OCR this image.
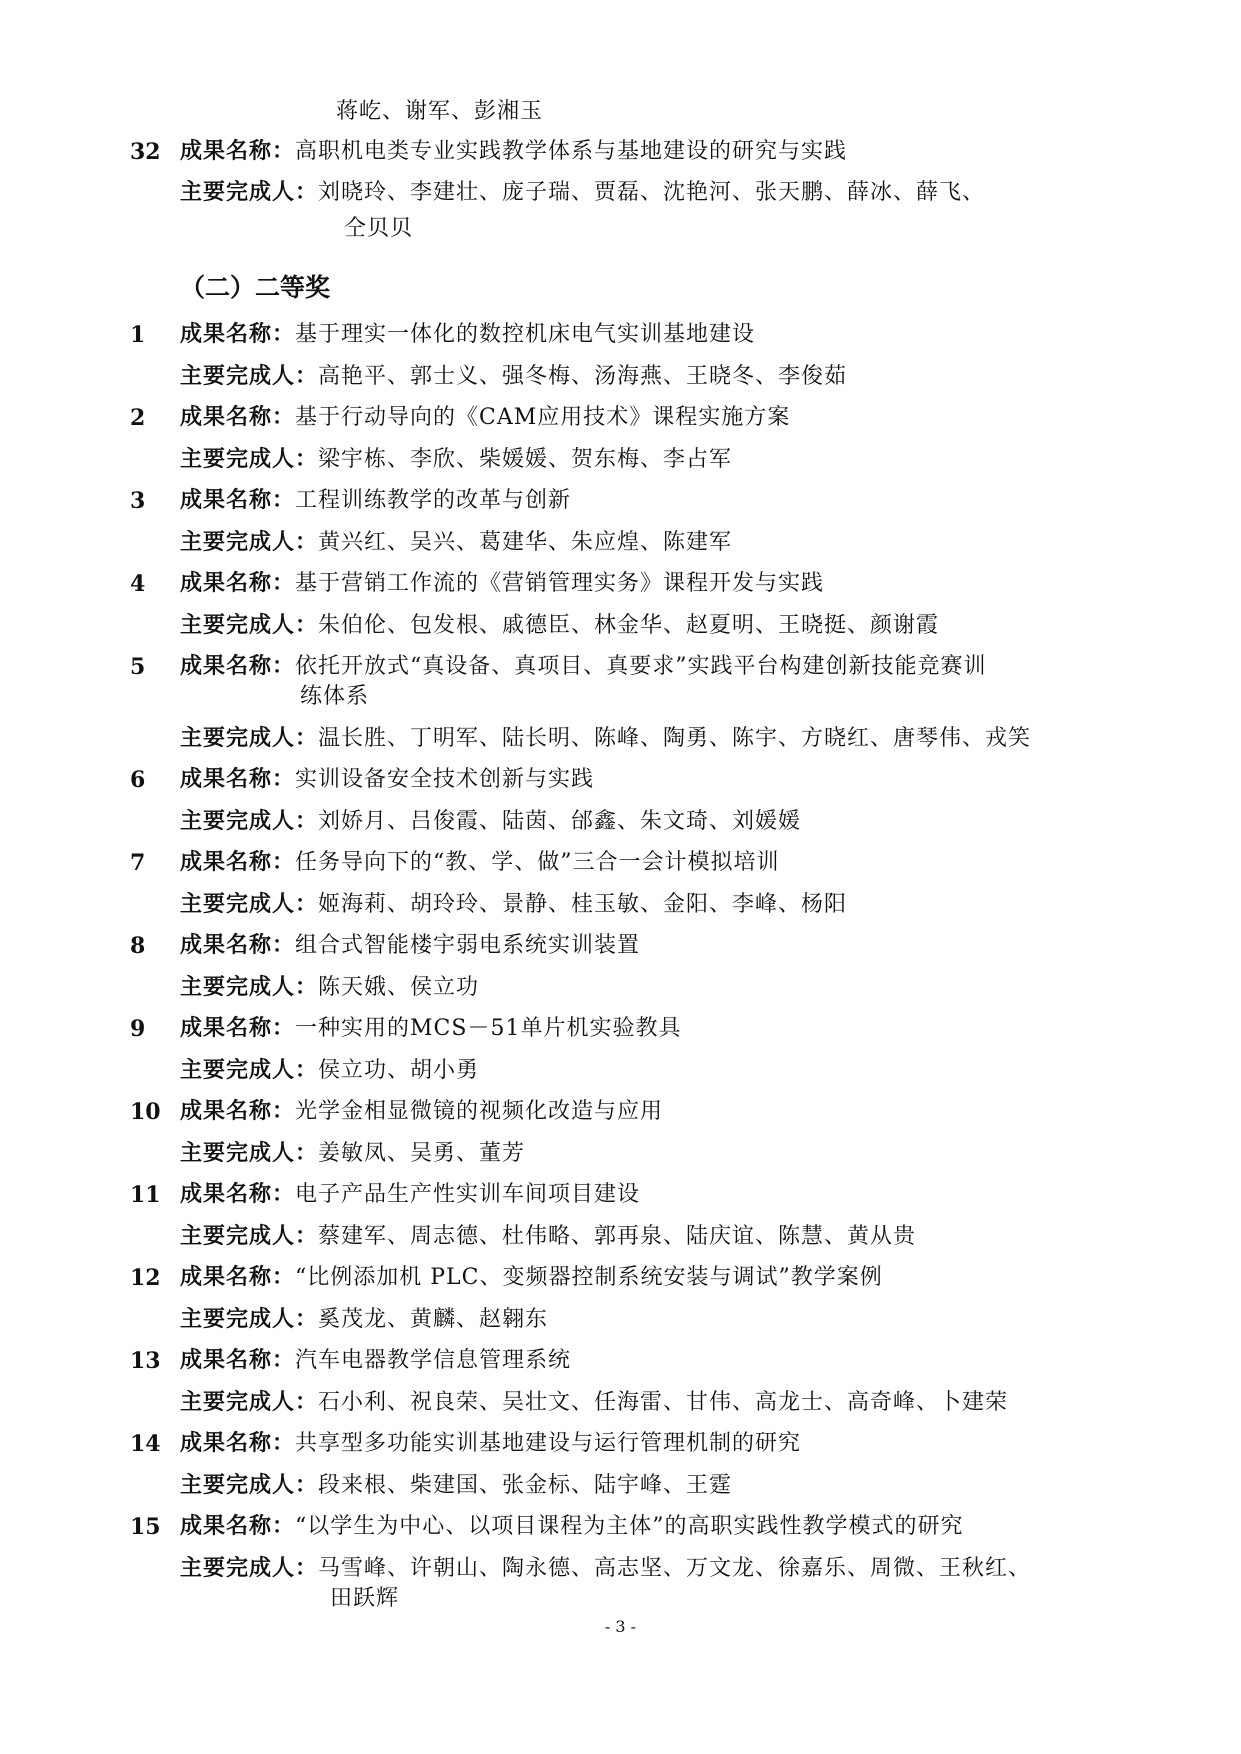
蒋屹、谢军、彭湘玉
32 成果名称：高职机电类专业实践教学体系与基地建设的研究与实践
主要完成人：刘晓玲、李建壮、庞子瑞、贾磊、沈艳河、张天鹏、薛冰、薛飞、
仝贝贝
（二）二等奖
1	成果名称：基于理实一体化的数控机床电气实训基地建设
主要完成人：高艳平、郭士义、强冬梅、汤海燕、王晓冬、李俊茹
2	成果名称：基于行动导向的《CAM应用技术》课程实施方案
主要完成人：梁宇栋、李欣、柴媛媛、贺东梅、李占军
3	成果名称：工程训练教学的改革与创新
主要完成人：黄兴红、吴兴、葛建华、朱应煌、陈建军
4	成果名称：基于营销工作流的《营销管理实务》课程开发与实践
主要完成人：朱伯伦、包发根、戚德臣、林金华、赵夏明、王晓挺、颜谢霞
5	成果名称：依托开放式“真设备、真项目、真要求”实践平台构建创新技能竞赛训
练体系
主要完成人：温长胜、丁明军、陆长明、陈峰、陶勇、陈宇、方晓红、唐琴伟、戎笑
6	成果名称：实训设备安全技术创新与实践
主要完成人：刘娇月、吕俊霞、陆茵、邰鑫、朱文琦、刘媛媛
7	成果名称：任务导向下的“教、学、做”三合一会计模拟培训
主要完成人：姬海莉、胡玲玲、景静、桂玉敏、金阳、李峰、杨阳
8	成果名称：组合式智能楼宇弱电系统实训装置
主要完成人：陈天娥、侯立功
9	成果名称：一种实用的MCS－51单片机实验教具
主要完成人：侯立功、胡小勇
10 成果名称：光学金相显微镜的视频化改造与应用
主要完成人：姜敏凤、吴勇、董芳
11 成果名称：电子产品生产性实训车间项目建设
主要完成人：蔡建军、周志德、杜伟略、郭再泉、陆庆谊、陈慧、黄从贵
12 成果名称：“比例添加机 PLC、变频器控制系统安装与调试”教学案例
主要完成人：奚茂龙、黄麟、赵翱东
13 成果名称：汽车电器教学信息管理系统
主要完成人：石小利、祝良荣、吴壮文、任海雷、甘伟、高龙士、高奇峰、卜建荣
14 成果名称：共享型多功能实训基地建设与运行管理机制的研究
主要完成人：段来根、柴建国、张金标、陆宇峰、王霆
15 成果名称：“以学生为中心、以项目课程为主体”的高职实践性教学模式的研究
主要完成人：马雪峰、许朝山、陶永德、高志坚、万文龙、徐嘉乐、周微、王秋红、
田跃辉
- 3 -
